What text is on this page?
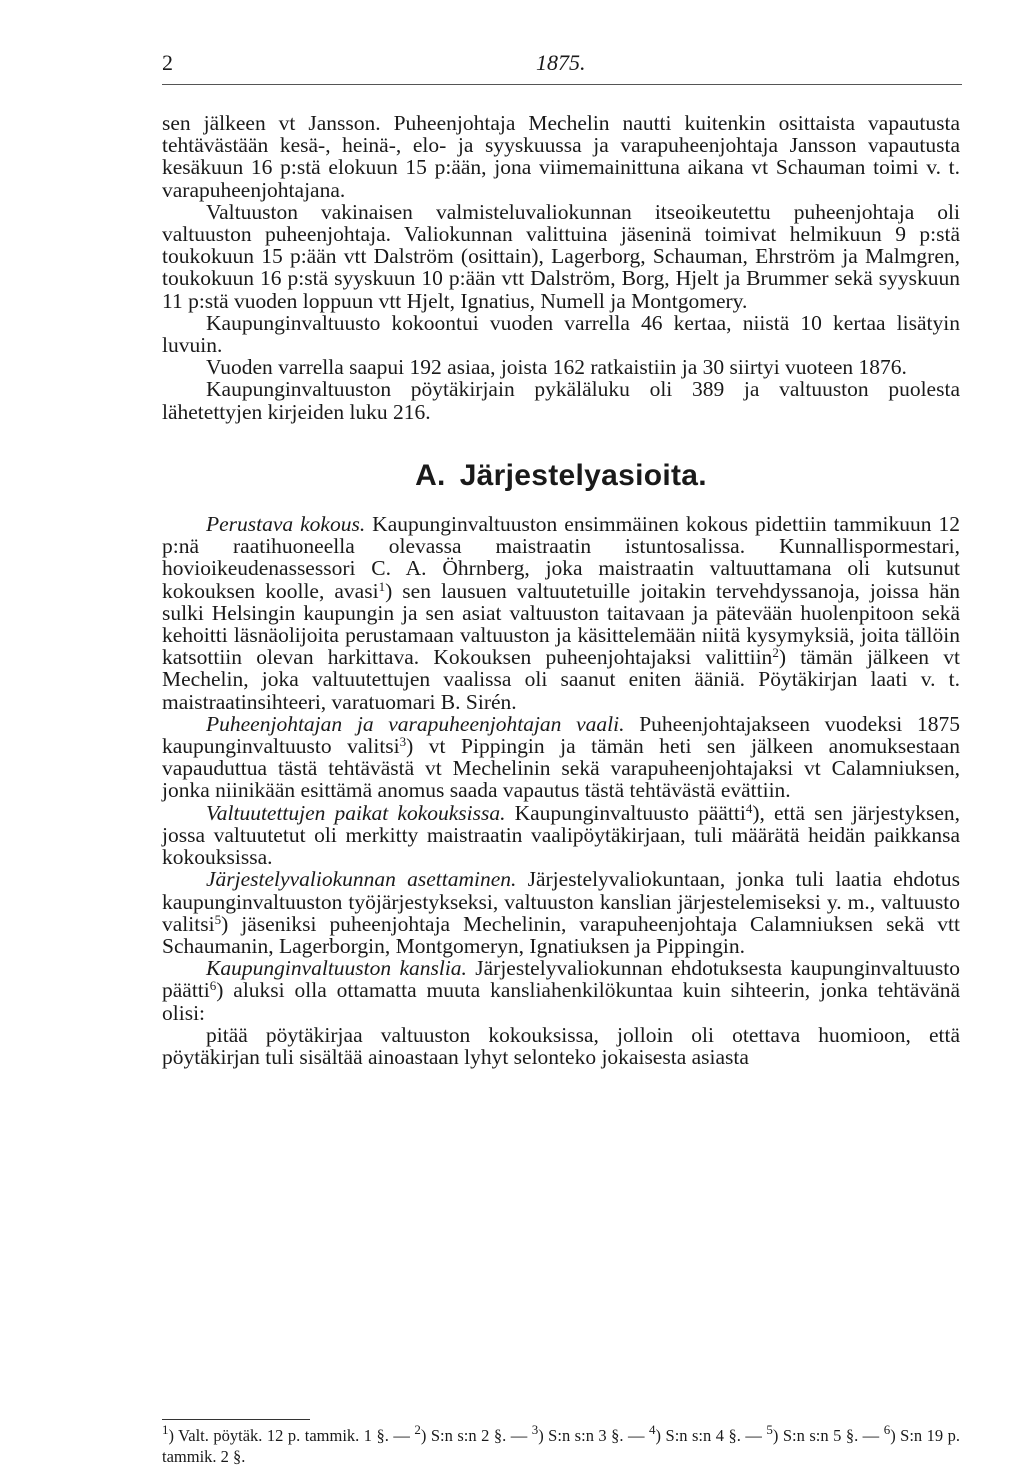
2	1875.

sen jälkeen vt Jansson. Puheenjohtaja Mechelin nautti kuitenkin osittaista vapautusta tehtävästään kesä-, heinä-, elo- ja syyskuussa ja varapuheenjohtaja Jansson vapautusta kesäkuun 16 p:stä elokuun 15 p:ään, jona viimemainittuna aikana vt Schauman toimi v. t. varapuheenjohtajana.

Valtuuston vakinaisen valmisteluvaliokunnan itseoikeutettu puheenjohtaja oli valtuuston puheenjohtaja. Valiokunnan valittuina jäseninä toimivat helmikuun 9 p:stä toukokuun 15 p:ään vtt Dalström (osittain), Lagerborg, Schauman, Ehrström ja Malmgren, toukokuun 16 p:stä syyskuun 10 p:ään vtt Dalström, Borg, Hjelt ja Brummer sekä syyskuun 11 p:stä vuoden loppuun vtt Hjelt, Ignatius, Numell ja Montgomery.

Kaupunginvaltuusto kokoontui vuoden varrella 46 kertaa, niistä 10 kertaa lisätyin luvuin.

Vuoden varrella saapui 192 asiaa, joista 162 ratkaistiin ja 30 siirtyi vuoteen 1876.

Kaupunginvaltuuston pöytäkirjain pykäläluku oli 389 ja valtuuston puolesta lähetettyjen kirjeiden luku 216.

A. Järjestelyasioita.

Perustava kokous. Kaupunginvaltuuston ensimmäinen kokous pidettiin tammikuun 12 p:nä raatihuoneella olevassa maistraatin istuntosalissa. Kunnallispormestari, hovioikeudenassessori C. A. Öhrnberg, joka maistraatin valtuuttamana oli kutsunut kokouksen koolle, avasi$^1$) sen lausuen valtuutetuille joitakin tervehdyssanoja, joissa hän sulki Helsingin kaupungin ja sen asiat valtuuston taitavaan ja pätevään huolenpitoon sekä kehoitti läsnäolijoita perustamaan valtuuston ja käsittelemään niitä kysymyksiä, joita tällöin katsottiin olevan harkittava. Kokouksen puheenjohtajaksi valittiin$^2$) tämän jälkeen vt Mechelin, joka valtuutettujen vaalissa oli saanut eniten ääniä. Pöytäkirjan laati v. t. maistraatinsihteeri, varatuomari B. Sirén.

Puheenjohtajan ja varapuheenjohtajan vaali. Puheenjohtajakseen vuodeksi 1875 kaupunginvaltuusto valitsi$^3$) vt Pippingin ja tämän heti sen jälkeen anomuksestaan vapauduttua tästä tehtävästä vt Mechelinin sekä varapuheenjohtajaksi vt Calamniuksen, jonka niinikään esittämä anomus saada vapautus tästä tehtävästä evättiin.

Valtuutettujen paikat kokouksissa. Kaupunginvaltuusto päätti$^4$), että sen järjestyksen, jossa valtuutetut oli merkitty maistraatin vaalipöytäkirjaan, tuli määrätä heidän paikkansa kokouksissa.

Järjestelyvaliokunnan asettaminen. Järjestelyvaliokuntaan, jonka tuli laatia ehdotus kaupunginvaltuuston työjärjestykseksi, valtuuston kanslian järjestelemiseksi y. m., valtuusto valitsi$^5$) jäseniksi puheenjohtaja Mechelinin, varapuheenjohtaja Calamniuksen sekä vtt Schaumanin, Lagerborgin, Montgomeryn, Ignatiuksen ja Pippingin.

Kaupunginvaltuuston kanslia. Järjestelyvaliokunnan ehdotuksesta kaupunginvaltuusto päätti$^6$) aluksi olla ottamatta muuta kansliahenkilökuntaa kuin sihteerin, jonka tehtävänä olisi:

pitää pöytäkirjaa valtuuston kokouksissa, jolloin oli otettava huomioon, että pöytäkirjan tuli sisältää ainoastaan lyhyt selonteko jokaisesta asiasta

$^1$) Valt. pöytäk. 12 p. tammik. 1 §. — $^2$) S:n s:n 2 §. — $^3$) S:n s:n 3 §. — $^4$) S:n s:n 4 §. — $^5$) S:n s:n 5 §. — $^6$) S:n 19 p. tammik. 2 §.
